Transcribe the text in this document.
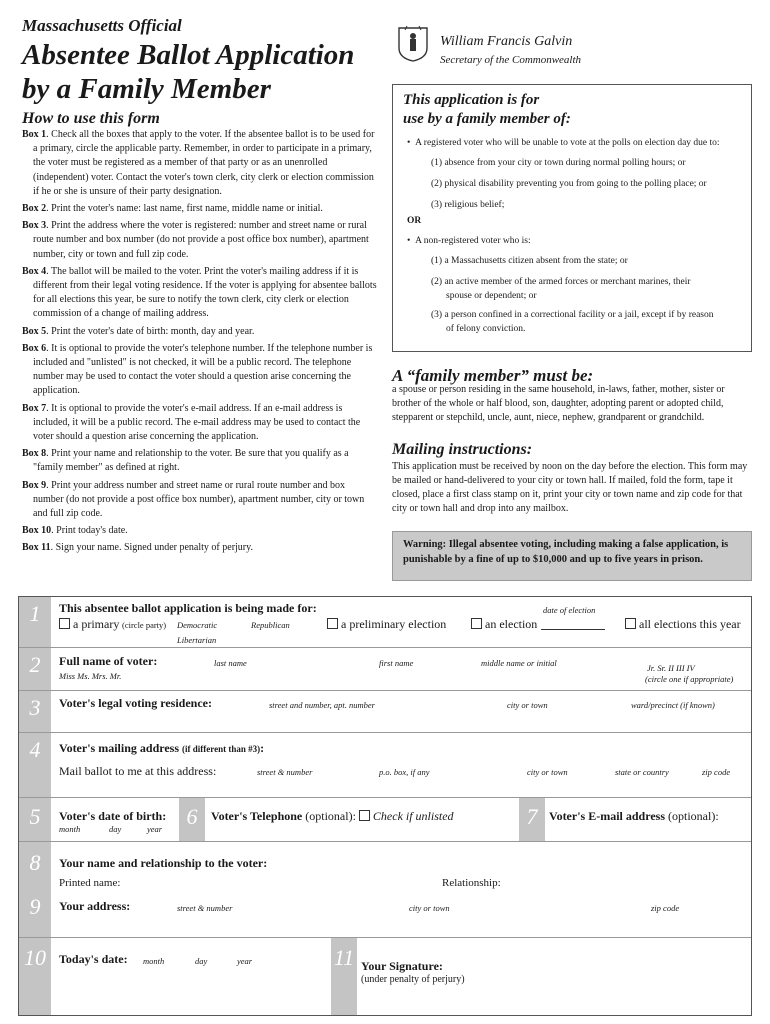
Massachusetts Official
Absentee Ballot Application
by a Family Member
William Francis Galvin
Secretary of the Commonwealth
How to use this form

Box 1. Check all the boxes that apply to the voter. If the absentee ballot is to be used for a primary, circle the applicable party. Remember, in order to participate in a primary, the voter must be registered as a member of that party or as an unenrolled (independent) voter. Contact the voter's town clerk, city clerk or election commission if he or she is unsure of their party designation.

Box 2. Print the voter's name: last name, first name, middle name or initial.

Box 3. Print the address where the voter is registered: number and street name or rural route number and box number (do not provide a post office box number), apartment number, city or town and full zip code.

Box 4. The ballot will be mailed to the voter. Print the voter's mailing address if it is different from their legal voting residence. If the voter is applying for absentee ballots for all elections this year, be sure to notify the town clerk, city clerk or election commission of a change of mailing address.

Box 5. Print the voter's date of birth: month, day and year.

Box 6. It is optional to provide the voter's telephone number. If the telephone number is included and "unlisted" is not checked, it will be a public record. The telephone number may be used to contact the voter should a question arise concerning the application.

Box 7. It is optional to provide the voter's e-mail address. If an e-mail address is included, it will be a public record. The e-mail address may be used to contact the voter should a question arise concerning the application.

Box 8. Print your name and relationship to the voter. Be sure that you qualify as a "family member" as defined at right.

Box 9. Print your address number and street name or rural route number and box number (do not provide a post office box number), apartment number, city or town and full zip code.

Box 10. Print today's date.

Box 11. Sign your name. Signed under penalty of perjury.

This application is for
use by a family member of:
•  A registered voter who will be unable to vote at the polls on election day due to:
(1) absence from your city or town during normal polling hours; or
(2) physical disability preventing you from going to the polling place; or
(3) religious belief;
OR
•  A non-registered voter who is:
(1) a Massachusetts citizen absent from the state; or
(2) an active member of the armed forces or merchant marines, their
spouse or dependent; or
(3) a person confined in a correctional facility or a jail, except if by reason
of felony conviction.
A “family member” must be:
a spouse or person residing in the same household, in-laws, father, mother, sister or brother of the whole or half blood, son, daughter, adopting parent or adopted child, stepparent or stepchild, uncle, aunt, niece, nephew, grandparent or grandchild.
Mailing instructions:
This application must be received by noon on the day before the election. This form may be mailed or hand-delivered to your city or town hall. If mailed, fold the form, tape it closed, place a first class stamp on it, print your city or town name and zip code for that city or town hall and drop into any mailbox.
Warning: Illegal absentee voting, including making a false application, is punishable by a fine of up to $10,000 and up to five years in prison.
1	This absentee ballot application is being made for:
a primary (circle party) Democratic	Republican
Libertarian
a preliminary election	an election
date of election
all elections this year
2	Full name of voter:
Miss Ms. Mrs. Mr.
last name	first name	middle name or initial	Jr. Sr. II III IV
(circle one if appropriate)
3	Voter's legal voting residence:	street and number, apt. number	city or town	ward/precinct (if known)
4	Voter's mailing address (if different than #3):
Mail ballot to me at this address:	street & number	p.o. box, if any	city or town	state or country	zip code
5	Voter's date of birth:
month	day	year	6	Voter's Telephone (optional): Check if unlisted	7 Voter's E-mail address (optional):
8
9
Your name and relationship to the voter:
Printed name:	Relationship:
Your address:	street & number	city or town	zip code
10	Today's date: month	day	year	11 Your Signature:
(under penalty of perjury)
